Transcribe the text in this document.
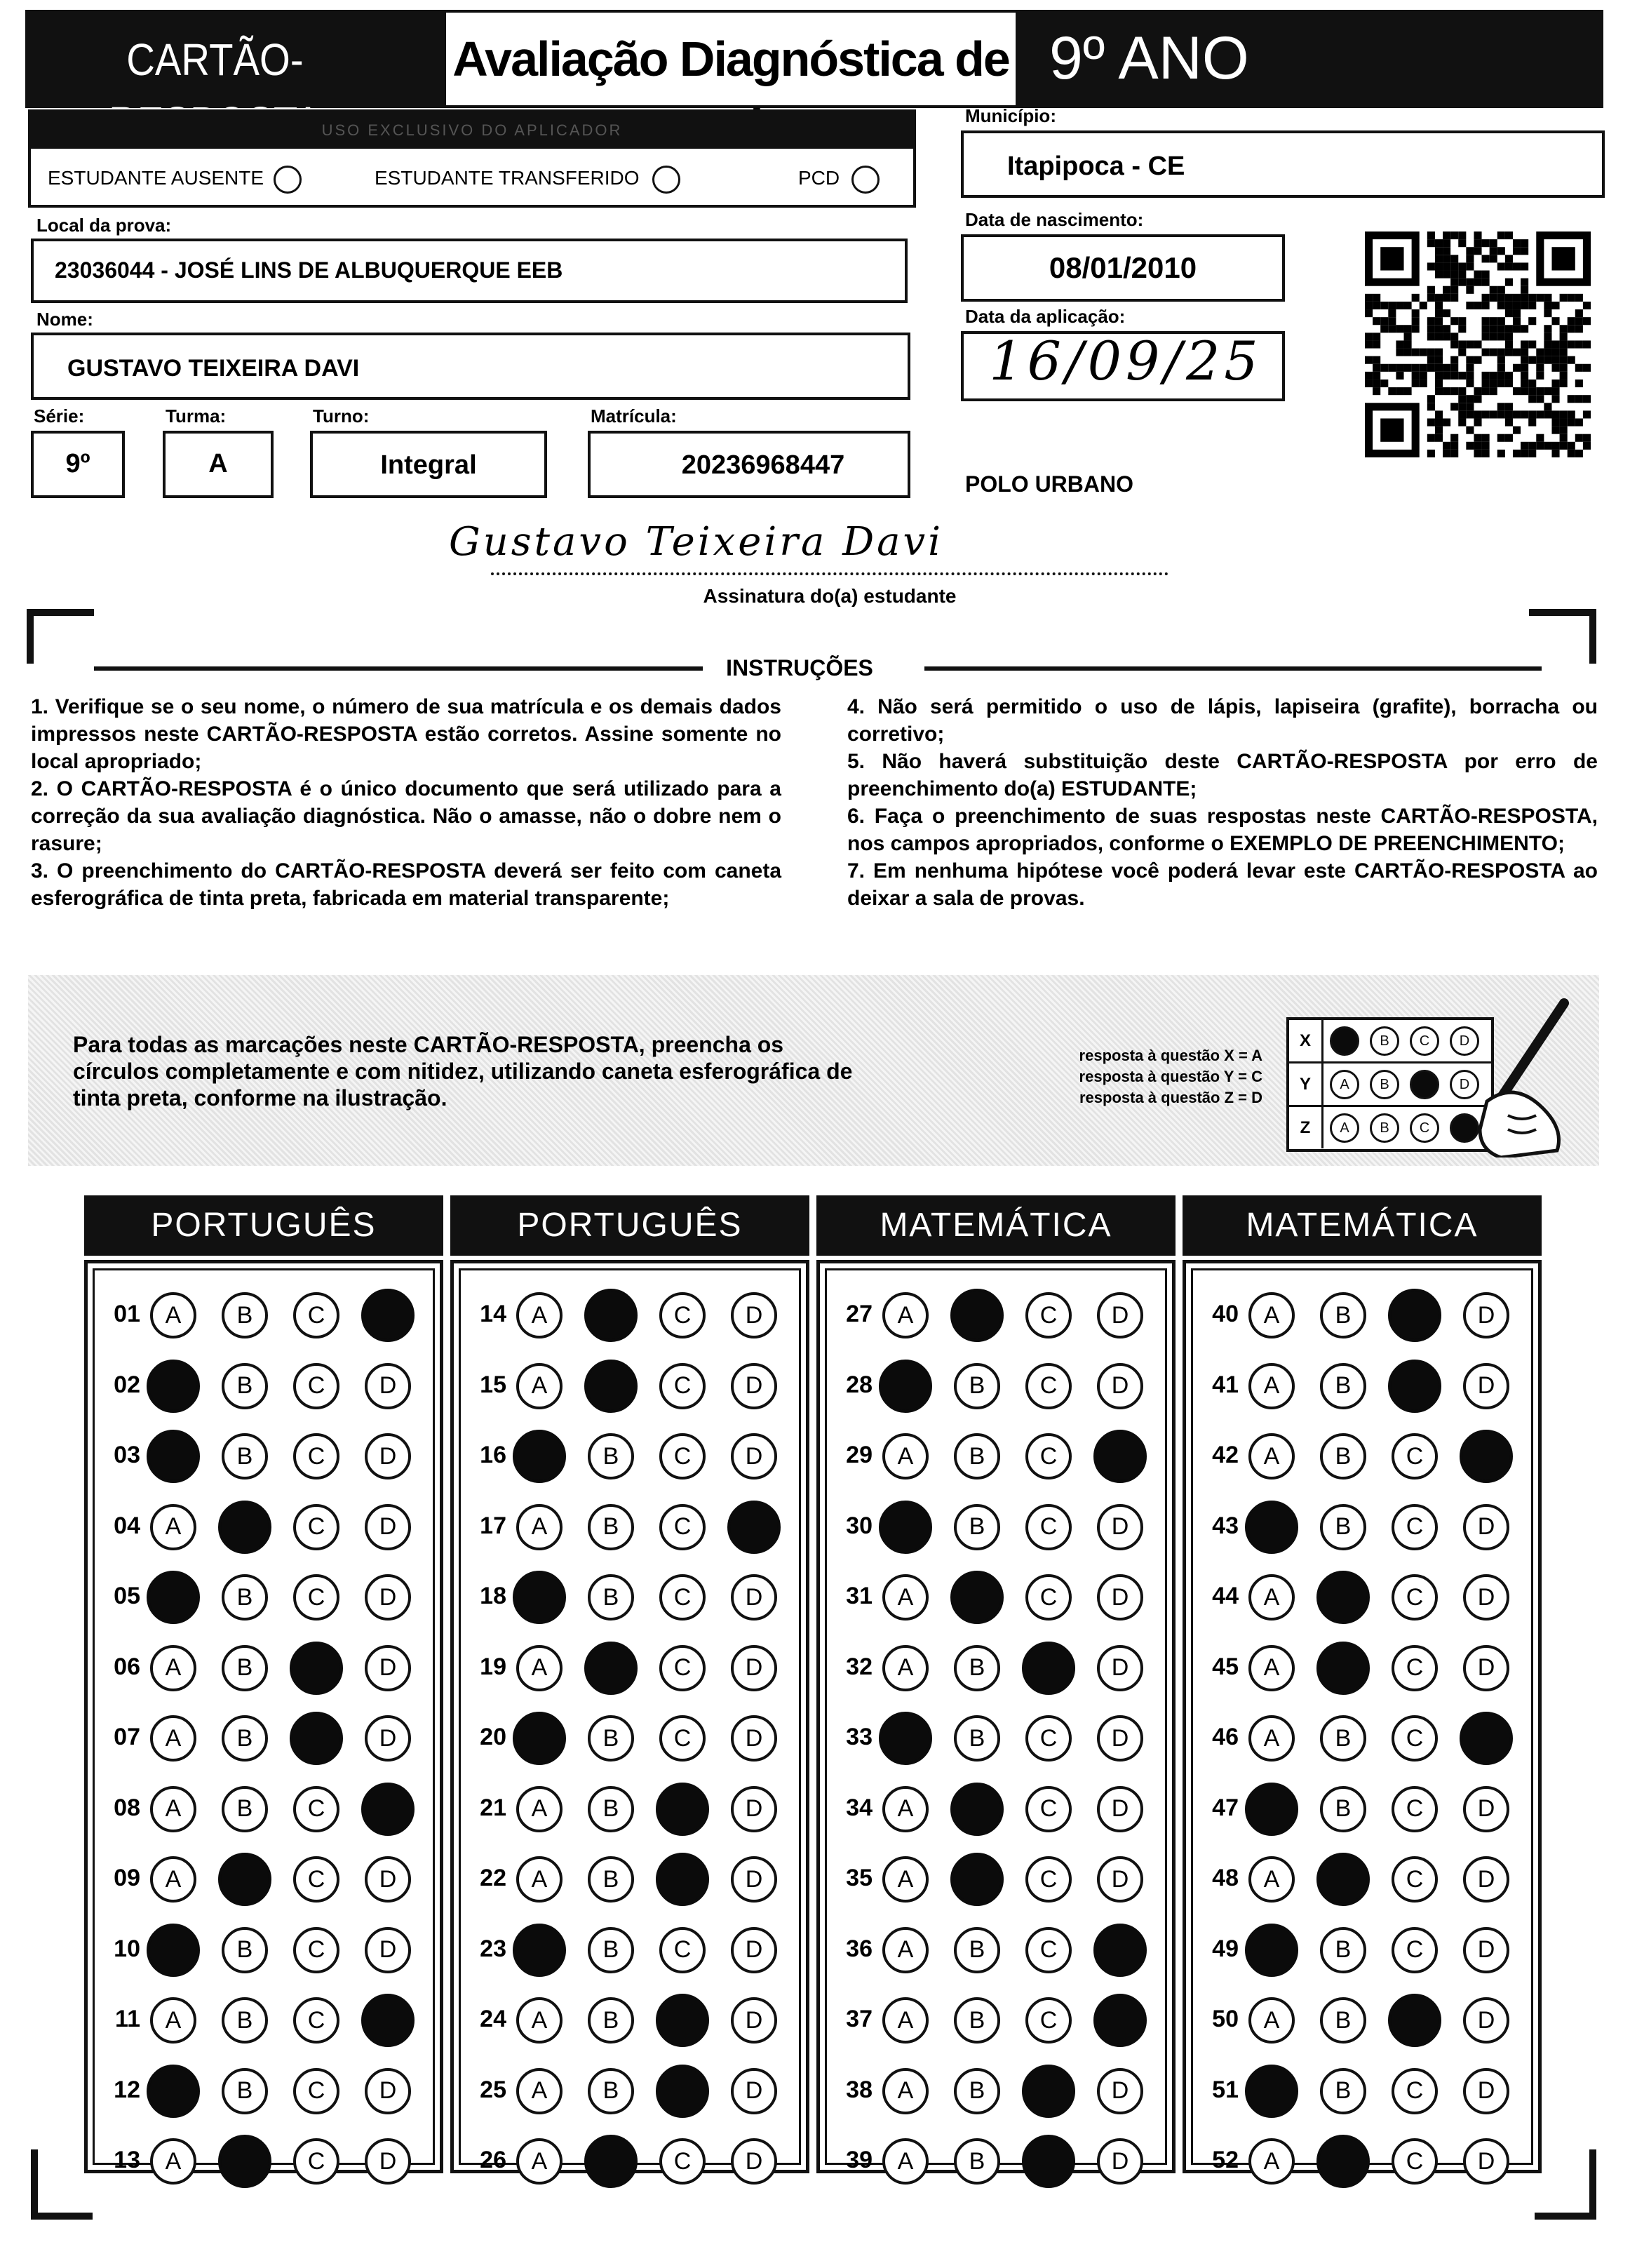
CARTÃO-	Avaliação Diagnóstica de 9º ANO
USO EXCLUSIVO DO APLICADOR
ESTUDANTE AUSENTE	ESTUDANTE TRANSFERIDO	PCD
Local da prova:
23036044 - JOSÉ LINS DE ALBUQUERQUE EEB
Nome:
GUSTAVO TEIXEIRA DAVI
Série:
9º
Turma:
A
Turno:
Integral
Matrícula:
20236968447
Município:
Itapipoca - CE
Data de nascimento:
08/01/2010
Data da aplicação:
16/09/25
POLO URBANO
Gustavo Teixeira Davi
Assinatura do(a) estudante
INSTRUÇÕES

1. Verifique se o seu nome, o número de sua matrícula e os demais dados impressos neste CARTÃO-RESPOSTA estão corretos. Assine somente no local apropriado;

2. O CARTÃO-RESPOSTA é o único documento que será utilizado para a correção da sua avaliação diagnóstica. Não o amasse, não o dobre nem o rasure;

3. O preenchimento do CARTÃO-RESPOSTA deverá ser feito com caneta esferográfica de tinta preta, fabricada em material transparente;

4. Não será permitido o uso de lápis, lapiseira (grafite), borracha ou corretivo;

5. Não haverá substituição deste CARTÃO-RESPOSTA por erro de preenchimento do(a) ESTUDANTE;

6. Faça o preenchimento de suas respostas neste CARTÃO-RESPOSTA, nos campos apropriados, conforme o EXEMPLO DE PREENCHIMENTO;

7. Em nenhuma hipótese você poderá levar este CARTÃO-RESPOSTA ao deixar a sala de provas.

Para todas as marcações neste CARTÃO-RESPOSTA, preencha os círculos completamente e com nitidez, utilizando caneta esferográfica de tinta preta, conforme na ilustração.
resposta à questão X = A
resposta à questão Y = C
resposta à questão Z = D
X	B	C	D
Y	A	B	D
Z	A	B	C
PORTUGUÊS
01	A	B	C
02	B	C	D
03	B	C	D
04	A	C	D
05	B	C	D
06	A	B	D
07	A	B	D
08	A	B	C
09	A	C	D
10	B	C	D
11	A	B	C
12	B	C	D
13	A	C	D
PORTUGUÊS
14	A	C	D
15	A	C	D
16	B	C	D
17	A	B	C
18	B	C	D
19	A	C	D
20	B	C	D
21	A	B	D
22	A	B	D
23	B	C	D
24	A	B	D
25	A	B	D
26	A	C	D
MATEMÁTICA
27	A	C	D
28	B	C	D
29	A	B	C
30	B	C	D
31	A	C	D
32	A	B	D
33	B	C	D
34	A	C	D
35	A	C	D
36	A	B	C
37	A	B	C
38	A	B	D
39	A	B	D
MATEMÁTICA
40	A	B	D
41	A	B	D
42	A	B	C
43	B	C	D
44	A	C	D
45	A	C	D
46	A	B	C
47	B	C	D
48	A	C	D
49	B	C	D
50	A	B	D
51	B	C	D
52	A	C	D
